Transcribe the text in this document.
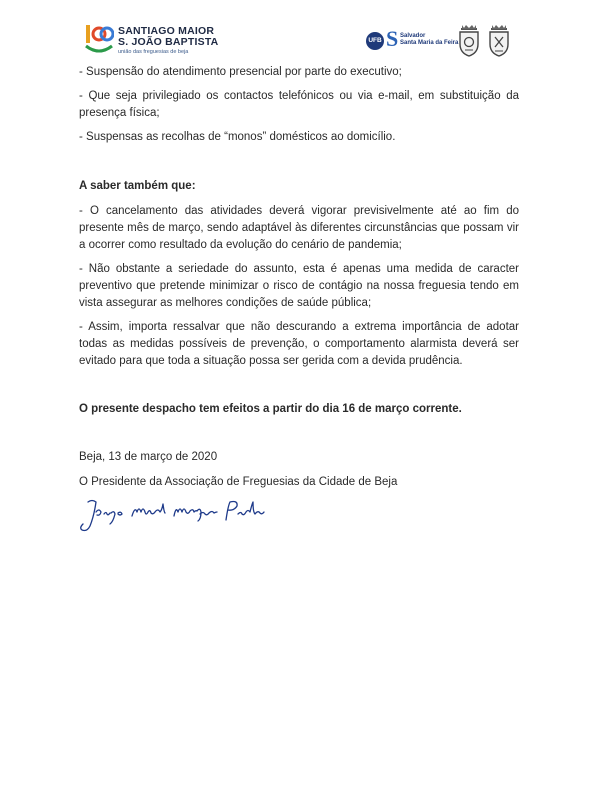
SANTIAGO MAIOR
S. JOÃO BAPTISTA
união das freguesias de beja
UFB S Salvador
Santa Maria da Feira
- Suspensão do atendimento presencial por parte do executivo;
- Que seja privilegiado os contactos telefónicos ou via e-mail, em substituição da presença física;
- Suspensas as recolhas de “monos” domésticos ao domicílio.
A saber também que:
- O cancelamento das atividades deverá vigorar previsivelmente até ao fim do presente mês de março, sendo adaptável às diferentes circunstâncias que possam vir a ocorrer como resultado da evolução do cenário de pandemia;
- Não obstante a seriedade do assunto, esta é apenas uma medida de caracter preventivo que pretende minimizar o risco de contágio na nossa freguesia tendo em vista assegurar as melhores condições de saúde pública;
- Assim, importa ressalvar que não descurando a extrema importância de adotar todas as medidas possíveis de prevenção, o comportamento alarmista deverá ser evitado para que toda a situação possa ser gerida com a devida prudência.
O presente despacho tem efeitos a partir do dia 16 de março corrente.
Beja, 13 de março de 2020
O Presidente da Associação de Freguesias da Cidade de Beja
